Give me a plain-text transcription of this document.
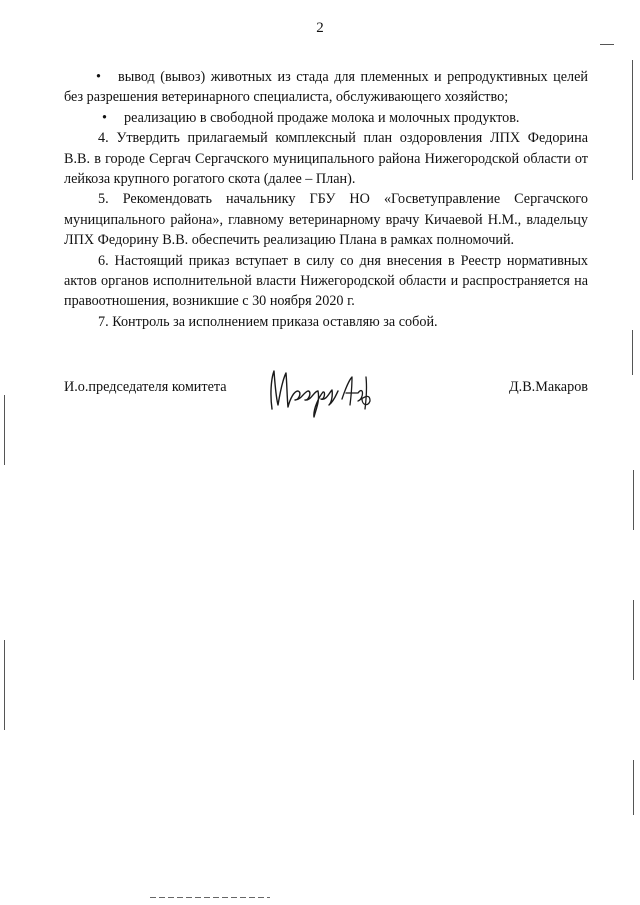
2

• вывод (вывоз) животных из стада для племенных и репродуктивных целей без разрешения ветеринарного специалиста, обслуживающего хозяйство;

• реализацию в свободной продаже молока и молочных продуктов.

4. Утвердить прилагаемый комплексный план оздоровления ЛПХ Федорина В.В. в городе Сергач Сергачского муниципального района Нижегородской области от лейкоза крупного рогатого скота (далее – План).

5. Рекомендовать начальнику ГБУ НО «Госветуправление Сергачского муниципального района», главному ветеринарному врачу Кичаевой Н.М., владельцу ЛПХ Федорину В.В. обеспечить реализацию Плана в рамках полномочий.

6. Настоящий приказ вступает в силу со дня внесения в Реестр нормативных актов органов исполнительной власти Нижегородской области и распространяется на правоотношения, возникшие с 30 ноября 2020 г.

7. Контроль за исполнением приказа оставляю за собой.

И.о.председателя комитета	Д.В.Макаров
